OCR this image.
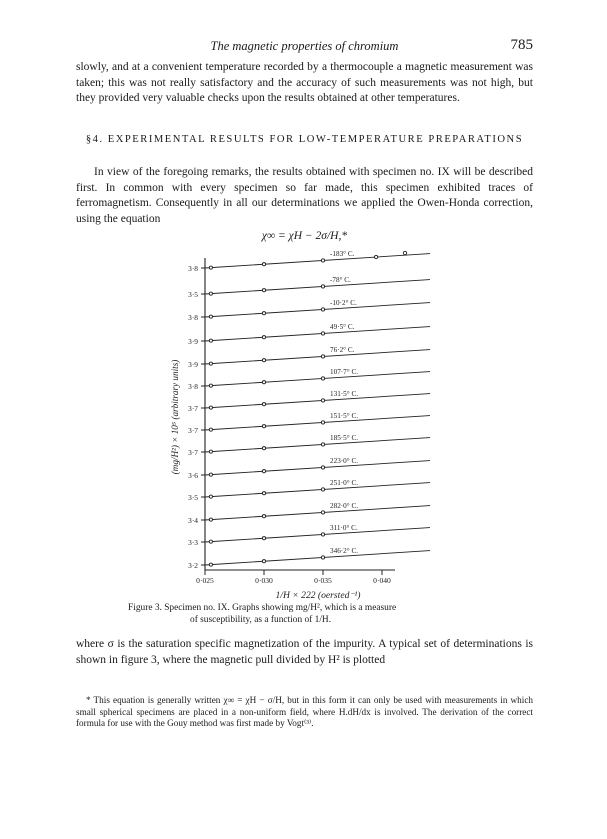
The magnetic properties of chromium	785

slowly, and at a convenient temperature recorded by a thermocouple a magnetic measurement was taken; this was not really satisfactory and the accuracy of such measurements was not high, but they provided very valuable checks upon the results obtained at other temperatures.

§4. EXPERIMENTAL RESULTS FOR LOW-TEMPERATURE PREPARATIONS

In view of the foregoing remarks, the results obtained with specimen no. IX will be described first. In common with every specimen so far made, this specimen exhibited traces of ferromagnetism. Consequently in all our determinations we applied the Owen-Honda correction, using the equation

χ∞ = χH − 2σ/H,*
3·8
3·5
3·8
3·9
3·9
3·8
3·7
3·7
3·7
3·6
3·5
3·4
3·3
3·2
0·025	0·030	0·035	0·040
1/H × 222 (oersted⁻¹)
(mg/H²) × 10⁵ (arbitrary units)
-183° C.
-78° C.
-10·2° C.
49·5° C.
76·2° C.
107·7° C.
131·5° C.
151·5° C.
185·5° C.
223·0° C.
251·0° C.
282·0° C.
311·0° C.
346·2° C.
Figure 3. Specimen no. IX. Graphs showing mg/H², which is a measure
of susceptibility, as a function of 1/H.

where σ is the saturation specific magnetization of the impurity. A typical set of determinations is shown in figure 3, where the magnetic pull divided by H² is plotted

* This equation is generally written χ∞ = χH − σ/H, but in this form it can only be used with measurements in which small spherical specimens are placed in a non-uniform field, where H.dH/dx is involved. The derivation of the correct formula for use with the Gouy method was first made by Vogt⁽³⁾.
